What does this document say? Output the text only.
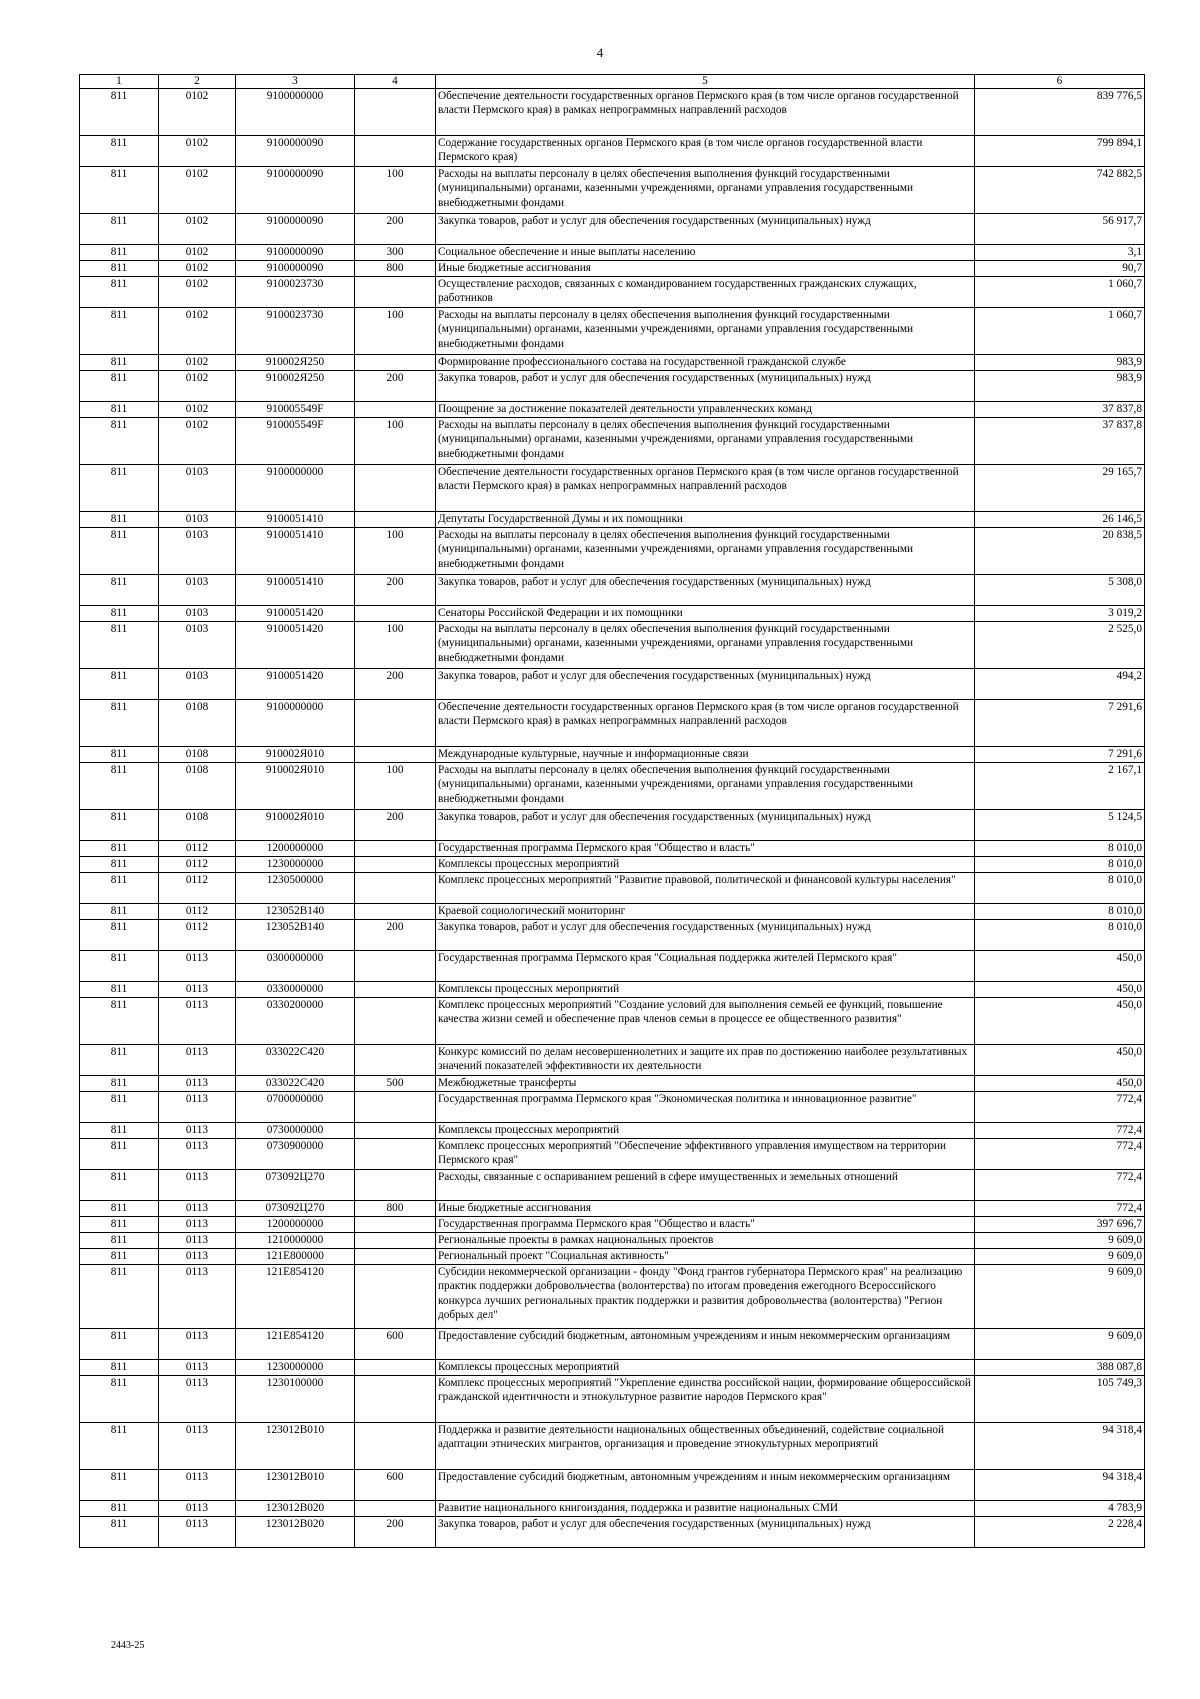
4
1	2	3	4	5	6
811	0102	9100000000		Обеспечение деятельности государственных органов Пермского края (в том числе органов государственной власти Пермского края) в рамках непрограммных направлений расходов	839 776,5
811	0102	9100000090		Содержание государственных органов Пермского края (в том числе органов государственной власти Пермского края)	799 894,1
811	0102	9100000090	100	Расходы на выплаты персоналу в целях обеспечения выполнения функций государственными (муниципальными) органами, казенными учреждениями, органами управления государственными внебюджетными фондами	742 882,5
811	0102	9100000090	200	Закупка товаров, работ и услуг для обеспечения государственных (муниципальных) нужд	56 917,7
811	0102	9100000090	300	Социальное обеспечение и иные выплаты населению	3,1
811	0102	9100000090	800	Иные бюджетные ассигнования	90,7
811	0102	9100023730		Осуществление расходов, связанных с командированием государственных гражданских служащих, работников	1 060,7
811	0102	9100023730	100	Расходы на выплаты персоналу в целях обеспечения выполнения функций государственными (муниципальными) органами, казенными учреждениями, органами управления государственными внебюджетными фондами	1 060,7
811	0102	910002Я250		Формирование профессионального состава на государственной гражданской службе	983,9
811	0102	910002Я250	200	Закупка товаров, работ и услуг для обеспечения государственных (муниципальных) нужд	983,9
811	0102	910005549F		Поощрение за достижение показателей деятельности управленческих команд	37 837,8
811	0102	910005549F	100	Расходы на выплаты персоналу в целях обеспечения выполнения функций государственными (муниципальными) органами, казенными учреждениями, органами управления государственными внебюджетными фондами	37 837,8
811	0103	9100000000		Обеспечение деятельности государственных органов Пермского края (в том числе органов государственной власти Пермского края) в рамках непрограммных направлений расходов	29 165,7
811	0103	9100051410		Депутаты Государственной Думы и их помощники	26 146,5
811	0103	9100051410	100	Расходы на выплаты персоналу в целях обеспечения выполнения функций государственными (муниципальными) органами, казенными учреждениями, органами управления государственными внебюджетными фондами	20 838,5
811	0103	9100051410	200	Закупка товаров, работ и услуг для обеспечения государственных (муниципальных) нужд	5 308,0
811	0103	9100051420		Сенаторы Российской Федерации и их помощники	3 019,2
811	0103	9100051420	100	Расходы на выплаты персоналу в целях обеспечения выполнения функций государственными (муниципальными) органами, казенными учреждениями, органами управления государственными внебюджетными фондами	2 525,0
811	0103	9100051420	200	Закупка товаров, работ и услуг для обеспечения государственных (муниципальных) нужд	494,2
811	0108	9100000000		Обеспечение деятельности государственных органов Пермского края (в том числе органов государственной власти Пермского края) в рамках непрограммных направлений расходов	7 291,6
811	0108	910002Я010		Международные культурные, научные и информационные связи	7 291,6
811	0108	910002Я010	100	Расходы на выплаты персоналу в целях обеспечения выполнения функций государственными (муниципальными) органами, казенными учреждениями, органами управления государственными внебюджетными фондами	2 167,1
811	0108	910002Я010	200	Закупка товаров, работ и услуг для обеспечения государственных (муниципальных) нужд	5 124,5
811	0112	1200000000		Государственная программа Пермского края "Общество и власть"	8 010,0
811	0112	1230000000		Комплексы процессных мероприятий	8 010,0
811	0112	1230500000		Комплекс процессных мероприятий "Развитие правовой, политической и финансовой культуры населения"	8 010,0
811	0112	123052В140		Краевой социологический мониторинг	8 010,0
811	0112	123052В140	200	Закупка товаров, работ и услуг для обеспечения государственных (муниципальных) нужд	8 010,0
811	0113	0300000000		Государственная программа Пермского края "Социальная поддержка жителей Пермского края"	450,0
811	0113	0330000000		Комплексы процессных мероприятий	450,0
811	0113	0330200000		Комплекс процессных мероприятий "Создание условий для выполнения семьей ее функций, повышение качества жизни семей и обеспечение прав членов семьи в процессе ее общественного развития"	450,0
811	0113	033022С420		Конкурс комиссий по делам несовершеннолетних и защите их прав по достижению наиболее результативных значений показателей эффективности их деятельности	450,0
811	0113	033022С420	500	Межбюджетные трансферты	450,0
811	0113	0700000000		Государственная программа Пермского края "Экономическая политика и инновационное развитие"	772,4
811	0113	0730000000		Комплексы процессных мероприятий	772,4
811	0113	0730900000		Комплекс процессных мероприятий "Обеспечение эффективного управления имуществом на территории Пермского края"	772,4
811	0113	073092Ц270		Расходы, связанные с оспариванием решений в сфере имущественных и земельных отношений	772,4
811	0113	073092Ц270	800	Иные бюджетные ассигнования	772,4
811	0113	1200000000		Государственная программа Пермского края "Общество и власть"	397 696,7
811	0113	1210000000		Региональные проекты в рамках национальных проектов	9 609,0
811	0113	121E800000		Региональный проект "Социальная активность"	9 609,0
811	0113	121E854120		Субсидии некоммерческой организации - фонду "Фонд грантов губернатора Пермского края" на реализацию практик поддержки добровольчества (волонтерства) по итогам проведения ежегодного Всероссийского конкурса лучших региональных практик поддержки и развития добровольчества (волонтерства) "Регион добрых дел"	9 609,0
811	0113	121E854120	600	Предоставление субсидий бюджетным, автономным учреждениям и иным некоммерческим организациям	9 609,0
811	0113	1230000000		Комплексы процессных мероприятий	388 087,8
811	0113	1230100000		Комплекс процессных мероприятий "Укрепление единства российской нации, формирование общероссийской гражданской идентичности и этнокультурное развитие народов Пермского края"	105 749,3
811	0113	123012В010		Поддержка и развитие деятельности национальных общественных объединений, содействие социальной адаптации этнических мигрантов, организация и проведение этнокультурных мероприятий	94 318,4
811	0113	123012В010	600	Предоставление субсидий бюджетным, автономным учреждениям и иным некоммерческим организациям	94 318,4
811	0113	123012В020		Развитие национального книгоиздания, поддержка и развитие национальных СМИ	4 783,9
811	0113	123012В020	200	Закупка товаров, работ и услуг для обеспечения государственных (муниципальных) нужд	2 228,4
2443-25
